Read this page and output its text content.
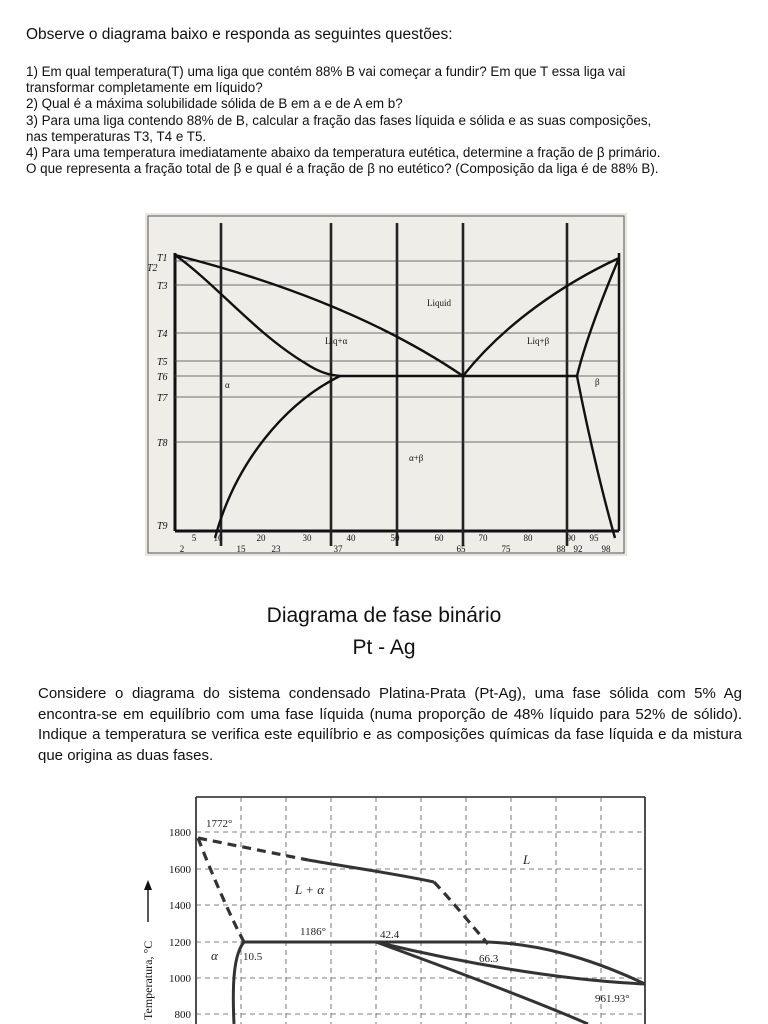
Observe o diagrama baixo e responda as seguintes questões:
1) Em qual temperatura(T) uma liga que contém 88% B vai começar a fundir? Em que T essa liga vai
transformar completamente em líquido?
2) Qual é a máxima solubilidade sólida de B em a e de A em b?
3) Para uma liga contendo 88% de B, calcular a fração das fases líquida e sólida e as suas composições,
nas temperaturas T3, T4 e T5.
4) Para uma temperatura imediatamente abaixo da temperatura eutética, determine a fração de β primário.
O que representa a fração total de β e qual é a fração de β no eutético? (Composição da liga é de 88% B).
T1
T2
T3
T4
T5
T6
T7
T8
T9
Liquid
Liq+α	Liq+β
α	β
α+β
5 10	20	30	40	50	60	70	80	90 95
2	15	23	37	65	75	88 92 98
Diagrama de fase binário
Pt - Ag
Considere o diagrama do sistema condensado Platina-Prata (Pt-Ag), uma fase sólida com 5% Ag encontra-se em equilíbrio com uma fase líquida (numa proporção de 48% líquido para 52% de sólido). Indique a temperatura se verifica este equilíbrio e as composições químicas da fase líquida e da mistura que origina as duas fases.
1800
1600
1400
1200
1000
800
Temperatura, °C
1772°
1186°	42.4
66.3
10.5
961.93°
L
L + α
α
